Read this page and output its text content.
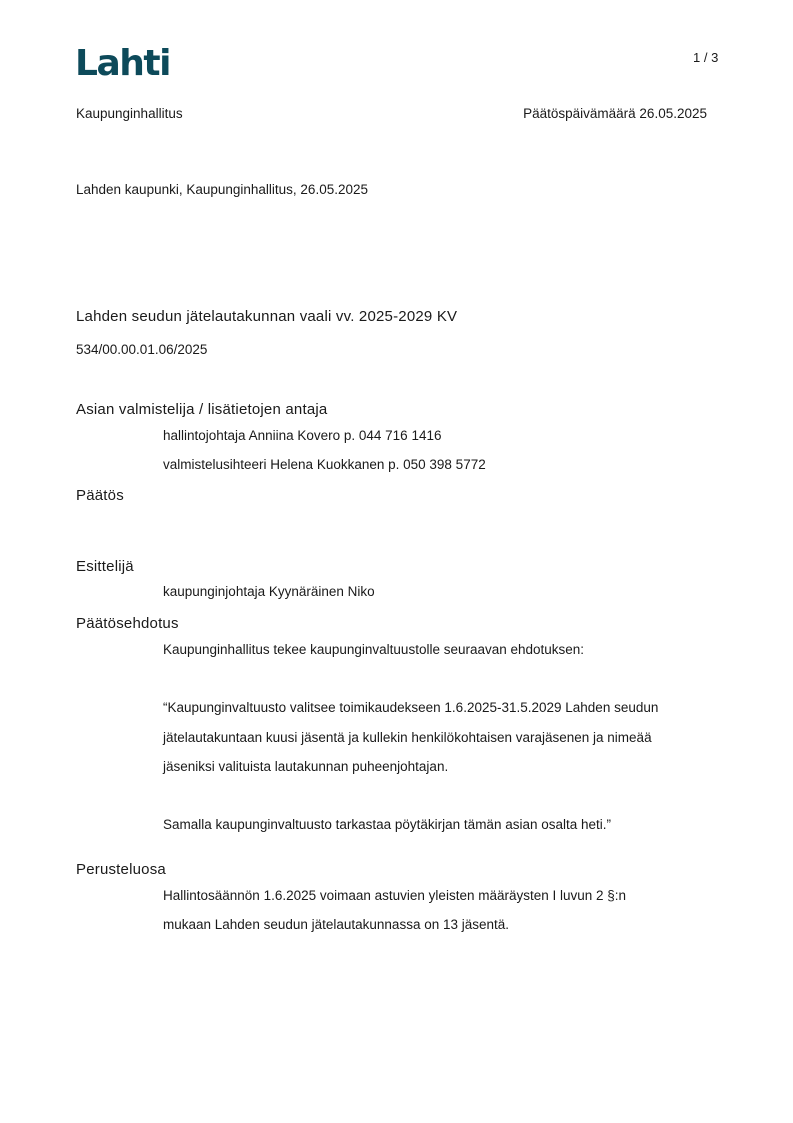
Lahti	1 / 3
Kaupunginhallitus	Päätöspäivämäärä 26.05.2025
Lahden kaupunki, Kaupunginhallitus, 26.05.2025
Lahden seudun jätelautakunnan vaali vv. 2025-2029 KV
534/00.00.01.06/2025
Asian valmistelija / lisätietojen antaja
hallintojohtaja Anniina Kovero p. 044 716 1416
valmistelusihteeri Helena Kuokkanen p. 050 398 5772
Päätös
Esittelijä
kaupunginjohtaja Kyynäräinen Niko
Päätösehdotus
Kaupunginhallitus tekee kaupunginvaltuustolle seuraavan ehdotuksen:
“Kaupunginvaltuusto valitsee toimikaudekseen 1.6.2025-31.5.2029 Lahden seudun
jätelautakuntaan kuusi jäsentä ja kullekin henkilökohtaisen varajäsenen ja nimeää
jäseniksi valituista lautakunnan puheenjohtajan.
Samalla kaupunginvaltuusto tarkastaa pöytäkirjan tämän asian osalta heti.”
Perusteluosa
Hallintosäännön 1.6.2025 voimaan astuvien yleisten määräysten I luvun 2 §:n
mukaan Lahden seudun jätelautakunnassa on 13 jäsentä.
